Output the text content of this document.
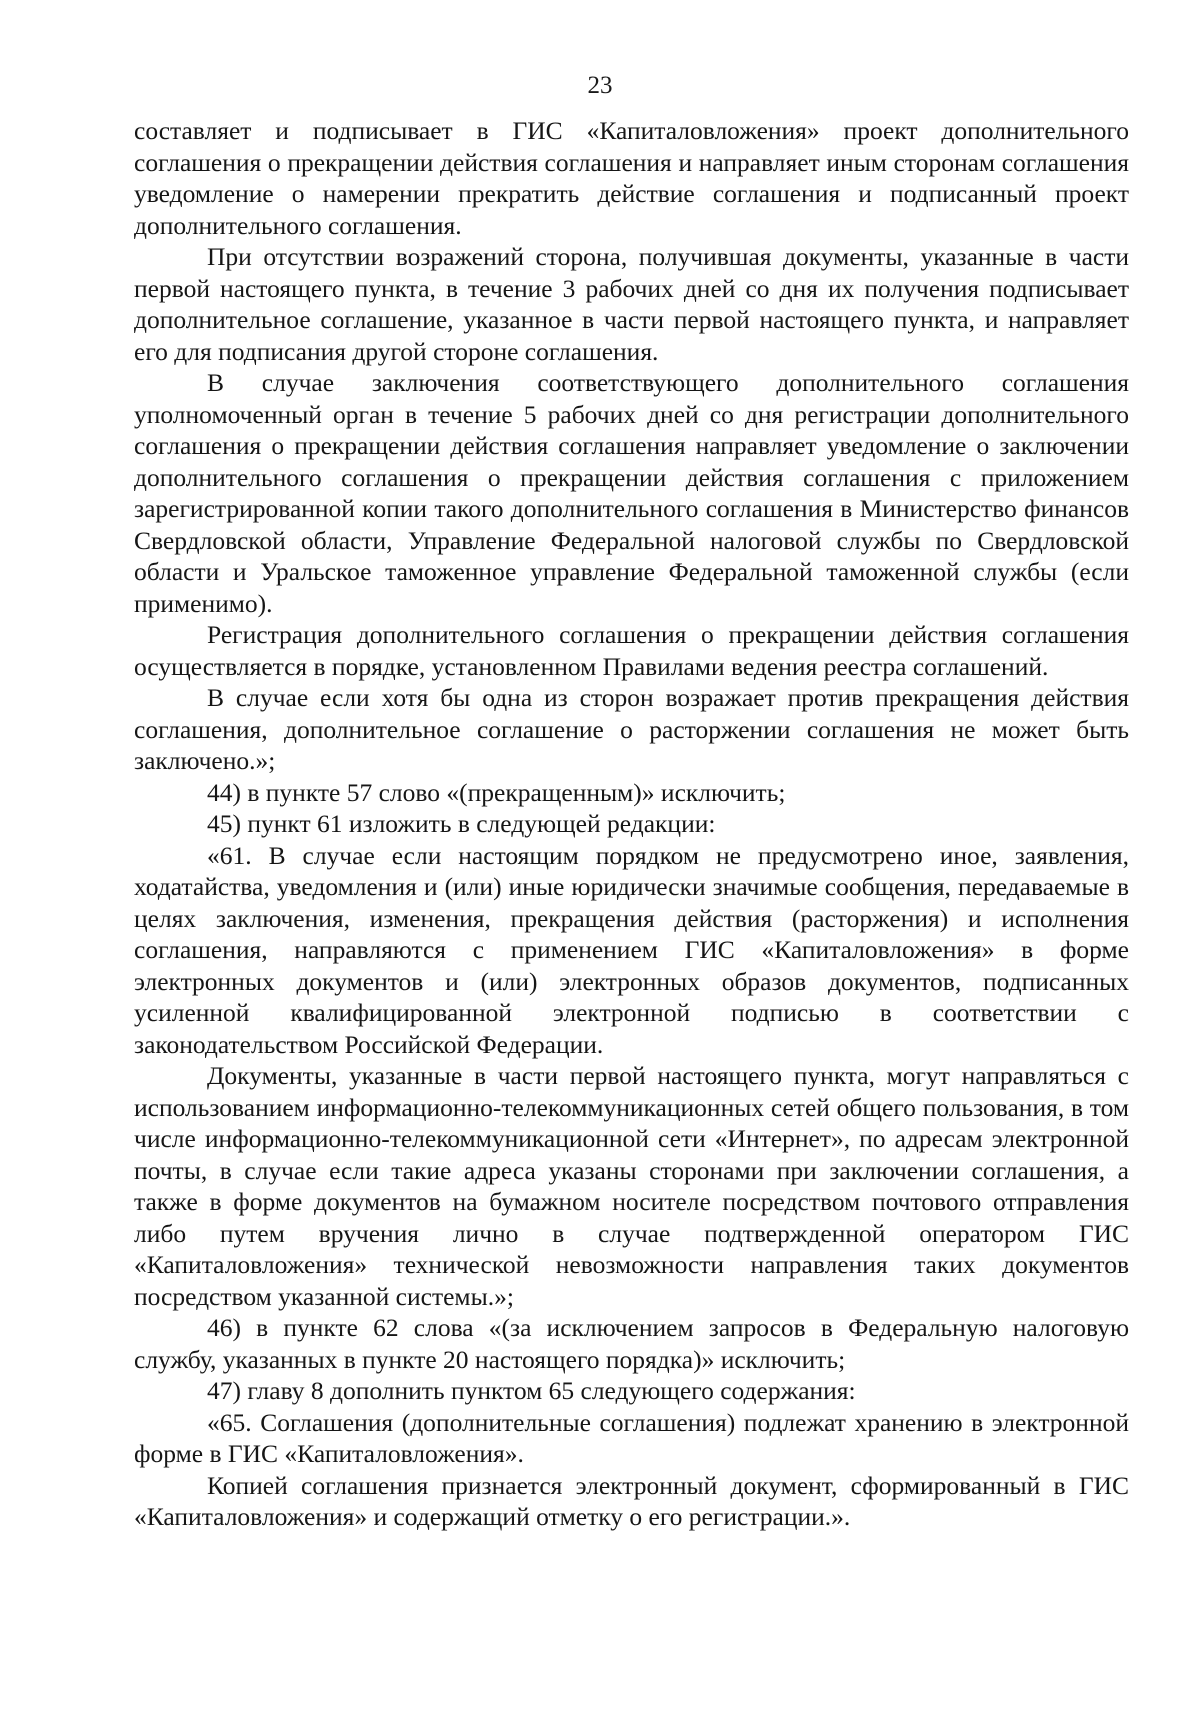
23

составляет и подписывает в ГИС «Капиталовложения» проект дополнительного соглашения о прекращении действия соглашения и направляет иным сторонам соглашения уведомление о намерении прекратить действие соглашения и подписанный проект дополнительного соглашения.

При отсутствии возражений сторона, получившая документы, указанные в части первой настоящего пункта, в течение 3 рабочих дней со дня их получения подписывает дополнительное соглашение, указанное в части первой настоящего пункта, и направляет его для подписания другой стороне соглашения.

В случае заключения соответствующего дополнительного соглашения уполномоченный орган в течение 5 рабочих дней со дня регистрации дополнительного соглашения о прекращении действия соглашения направляет уведомление о заключении дополнительного соглашения о прекращении действия соглашения с приложением зарегистрированной копии такого дополнительного соглашения в Министерство финансов Свердловской области, Управление Федеральной налоговой службы по Свердловской области и Уральское таможенное управление Федеральной таможенной службы (если применимо).

Регистрация дополнительного соглашения о прекращении действия соглашения осуществляется в порядке, установленном Правилами ведения реестра соглашений.

В случае если хотя бы одна из сторон возражает против прекращения действия соглашения, дополнительное соглашение о расторжении соглашения не может быть заключено.»;

44) в пункте 57 слово «(прекращенным)» исключить;

45) пункт 61 изложить в следующей редакции:

«61. В случае если настоящим порядком не предусмотрено иное, заявления, ходатайства, уведомления и (или) иные юридически значимые сообщения, передаваемые в целях заключения, изменения, прекращения действия (расторжения) и исполнения соглашения, направляются с применением ГИС «Капиталовложения» в форме электронных документов и (или) электронных образов документов, подписанных усиленной квалифицированной электронной подписью в соответствии с законодательством Российской Федерации.

Документы, указанные в части первой настоящего пункта, могут направляться с использованием информационно-телекоммуникационных сетей общего пользования, в том числе информационно-телекоммуникационной сети «Интернет», по адресам электронной почты, в случае если такие адреса указаны сторонами при заключении соглашения, а также в форме документов на бумажном носителе посредством почтового отправления либо путем вручения лично в случае подтвержденной оператором ГИС «Капиталовложения» технической невозможности направления таких документов посредством указанной системы.»;

46) в пункте 62 слова «(за исключением запросов в Федеральную налоговую службу, указанных в пункте 20 настоящего порядка)» исключить;

47) главу 8 дополнить пунктом 65 следующего содержания:

«65. Соглашения (дополнительные соглашения) подлежат хранению в электронной форме в ГИС «Капиталовложения».

Копией соглашения признается электронный документ, сформированный в ГИС «Капиталовложения» и содержащий отметку о его регистрации.».
